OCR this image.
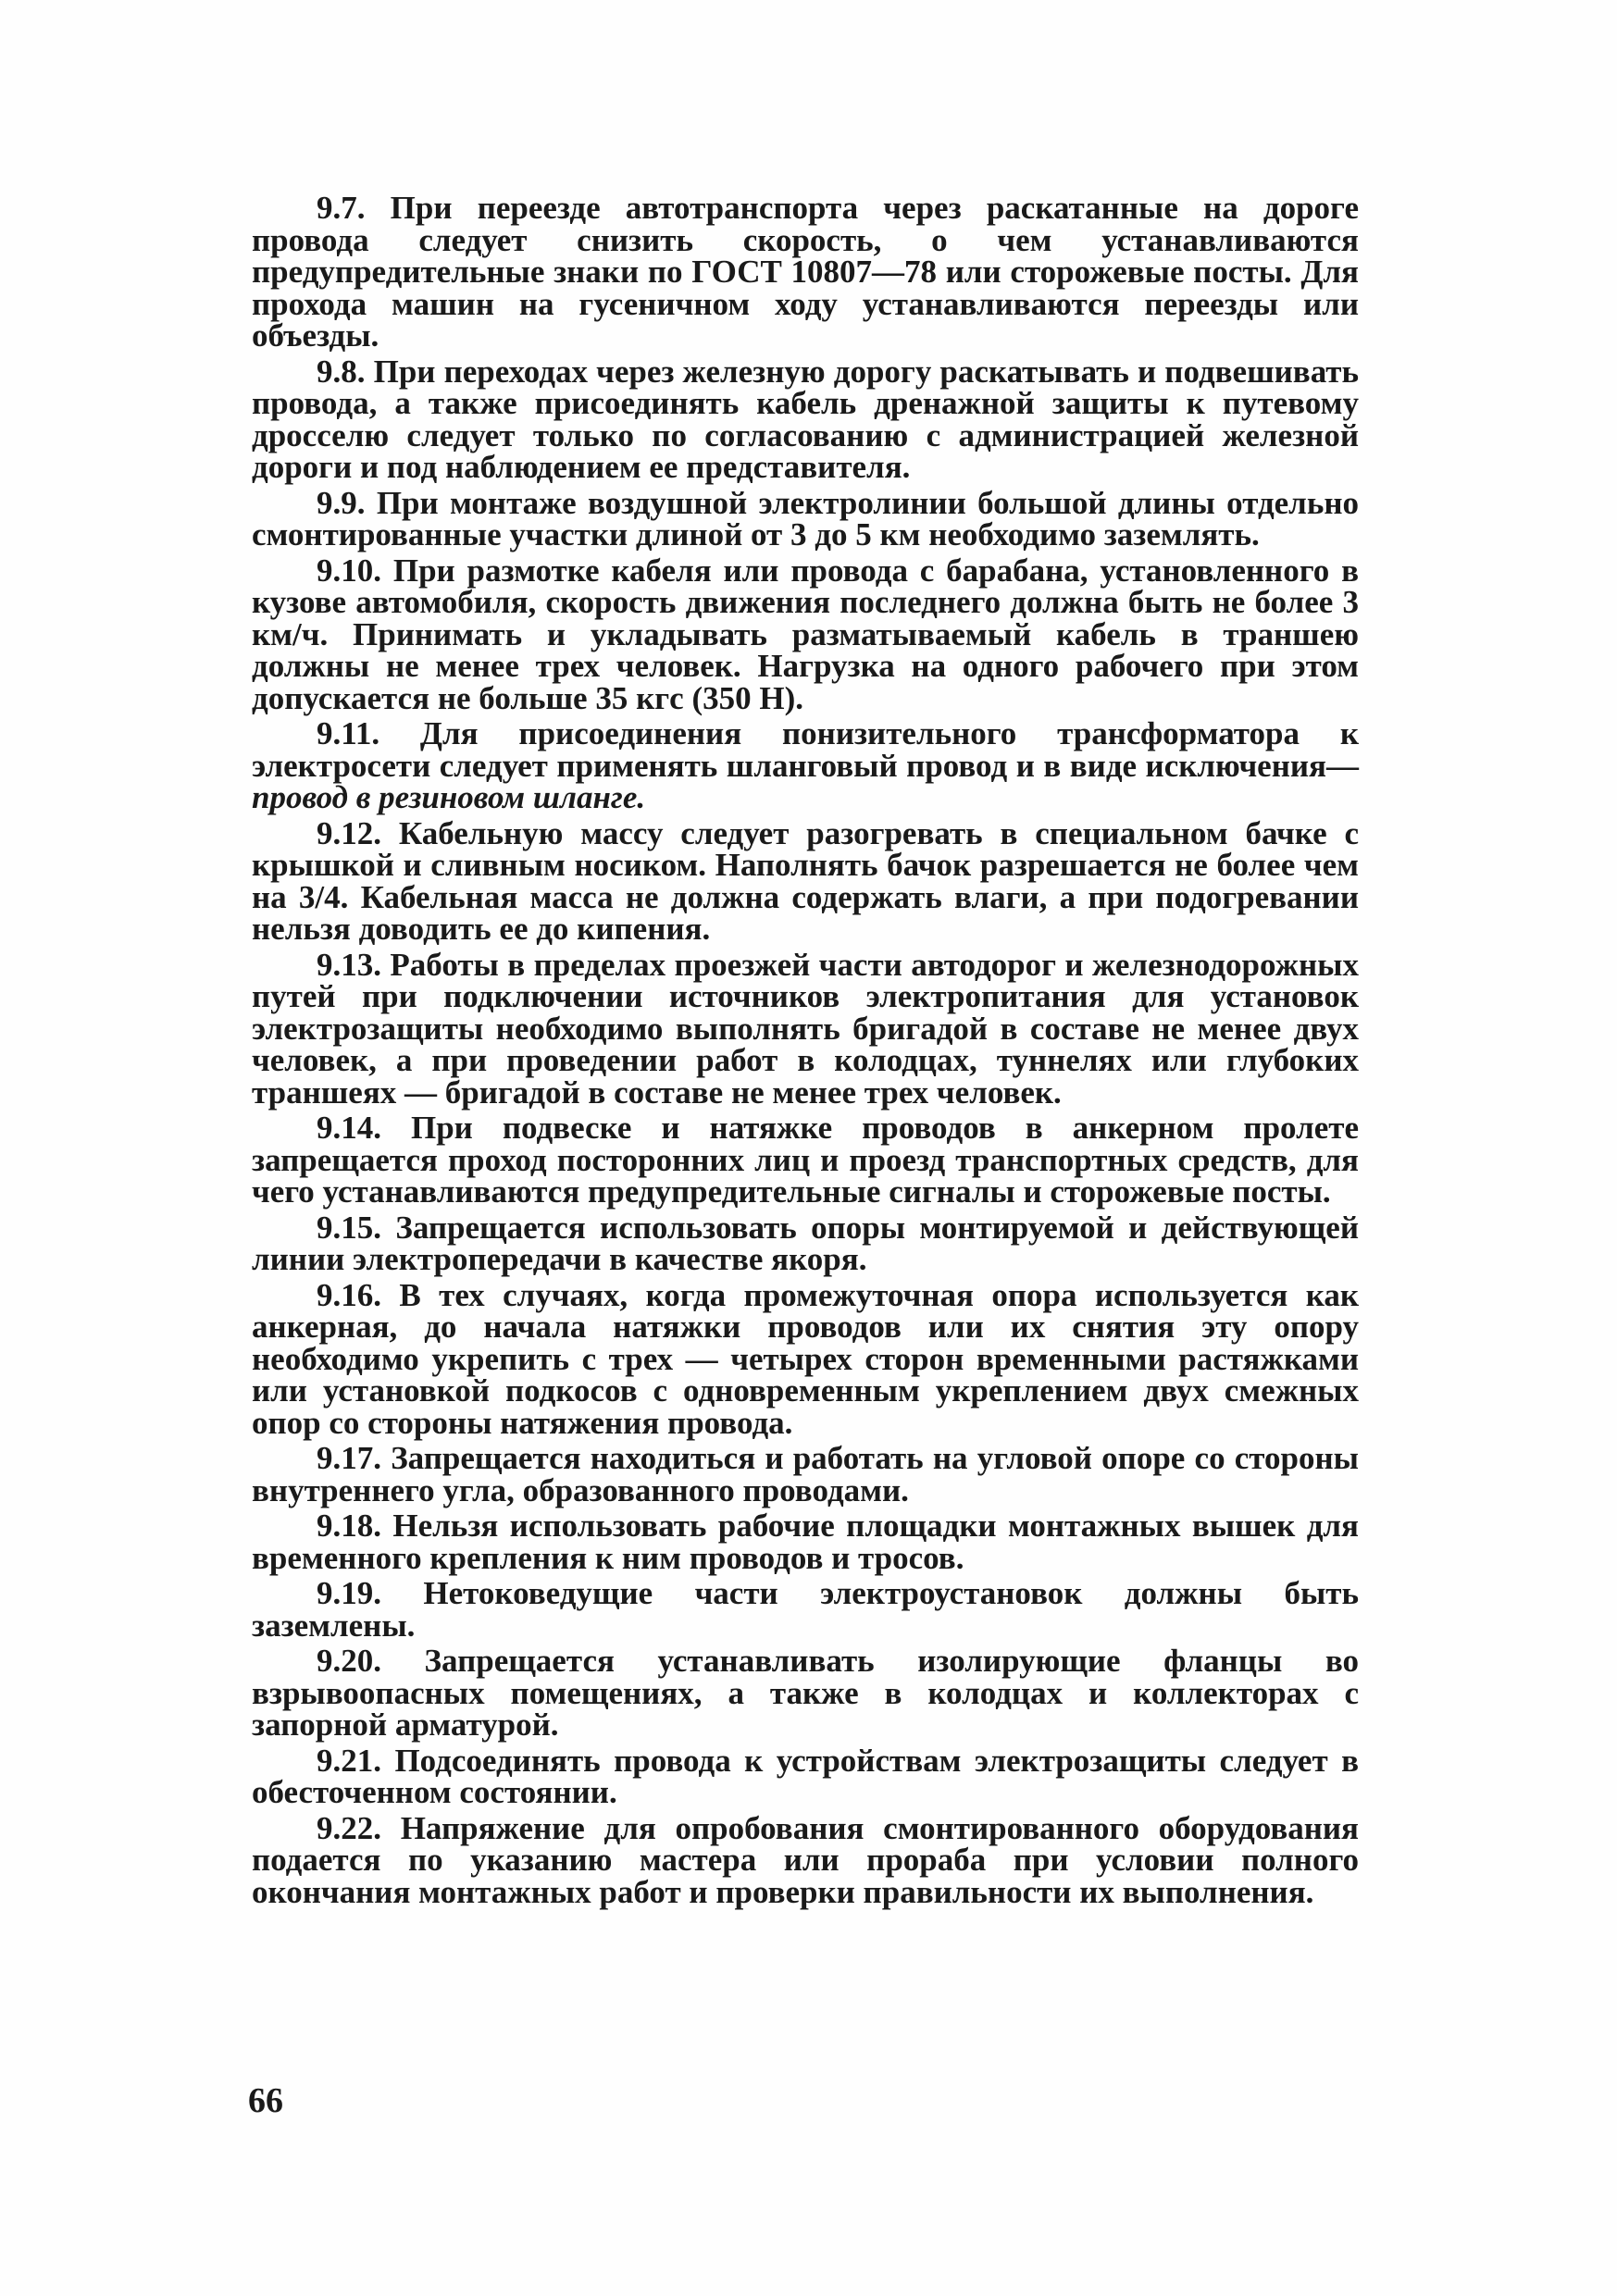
9.7. При переезде автотранспорта через раскатанные на дороге провода следует снизить скорость, о чем устанавливаются предупредительные знаки по ГОСТ 10807—78 или сторожевые посты. Для прохода машин на гусеничном ходу устанавливаются переезды или объезды.

9.8. При переходах через железную дорогу раскатывать и подвешивать провода, а также присоединять кабель дренажной защиты к путевому дросселю следует только по согласованию с администрацией железной дороги и под наблюдением ее представителя.

9.9. При монтаже воздушной электролинии большой длины отдельно смонтированные участки длиной от 3 до 5 км необходимо заземлять.

9.10. При размотке кабеля или провода с барабана, установленного в кузове автомобиля, скорость движения последнего должна быть не более 3 км/ч. Принимать и укладывать разматываемый кабель в траншею должны не менее трех человек. Нагрузка на одного рабочего при этом допускается не больше 35 кгс (350 Н).

9.11. Для присоединения понизительного трансформатора к электросети следует применять шланговый провод и в виде исключения—провод в резиновом шланге.

9.12. Кабельную массу следует разогревать в специальном бачке с крышкой и сливным носиком. Наполнять бачок разрешается не более чем на 3/4. Кабельная масса не должна содержать влаги, а при подогревании нельзя доводить ее до кипения.

9.13. Работы в пределах проезжей части автодорог и железнодорожных путей при подключении источников электропитания для установок электрозащиты необходимо выполнять бригадой в составе не менее двух человек, а при проведении работ в колодцах, туннелях или глубоких траншеях — бригадой в составе не менее трех человек.

9.14. При подвеске и натяжке проводов в анкерном пролете запрещается проход посторонних лиц и проезд транспортных средств, для чего устанавливаются предупредительные сигналы и сторожевые посты.

9.15. Запрещается использовать опоры монтируемой и действующей линии электропередачи в качестве якоря.

9.16. В тех случаях, когда промежуточная опора используется как анкерная, до начала натяжки проводов или их снятия эту опору необходимо укрепить с трех — четырех сторон временными растяжками или установкой подкосов с одновременным укреплением двух смежных опор со стороны натяжения провода.

9.17. Запрещается находиться и работать на угловой опоре со стороны внутреннего угла, образованного проводами.

9.18. Нельзя использовать рабочие площадки монтажных вышек для временного крепления к ним проводов и тросов.

9.19. Нетоковедущие части электроустановок должны быть заземлены.

9.20. Запрещается устанавливать изолирующие фланцы во взрывоопасных помещениях, а также в колодцах и коллекторах с запорной арматурой.

9.21. Подсоединять провода к устройствам электрозащиты следует в обесточенном состоянии.

9.22. Напряжение для опробования смонтированного оборудования подается по указанию мастера или прораба при условии полного окончания монтажных работ и проверки правильности их выполнения.

66
